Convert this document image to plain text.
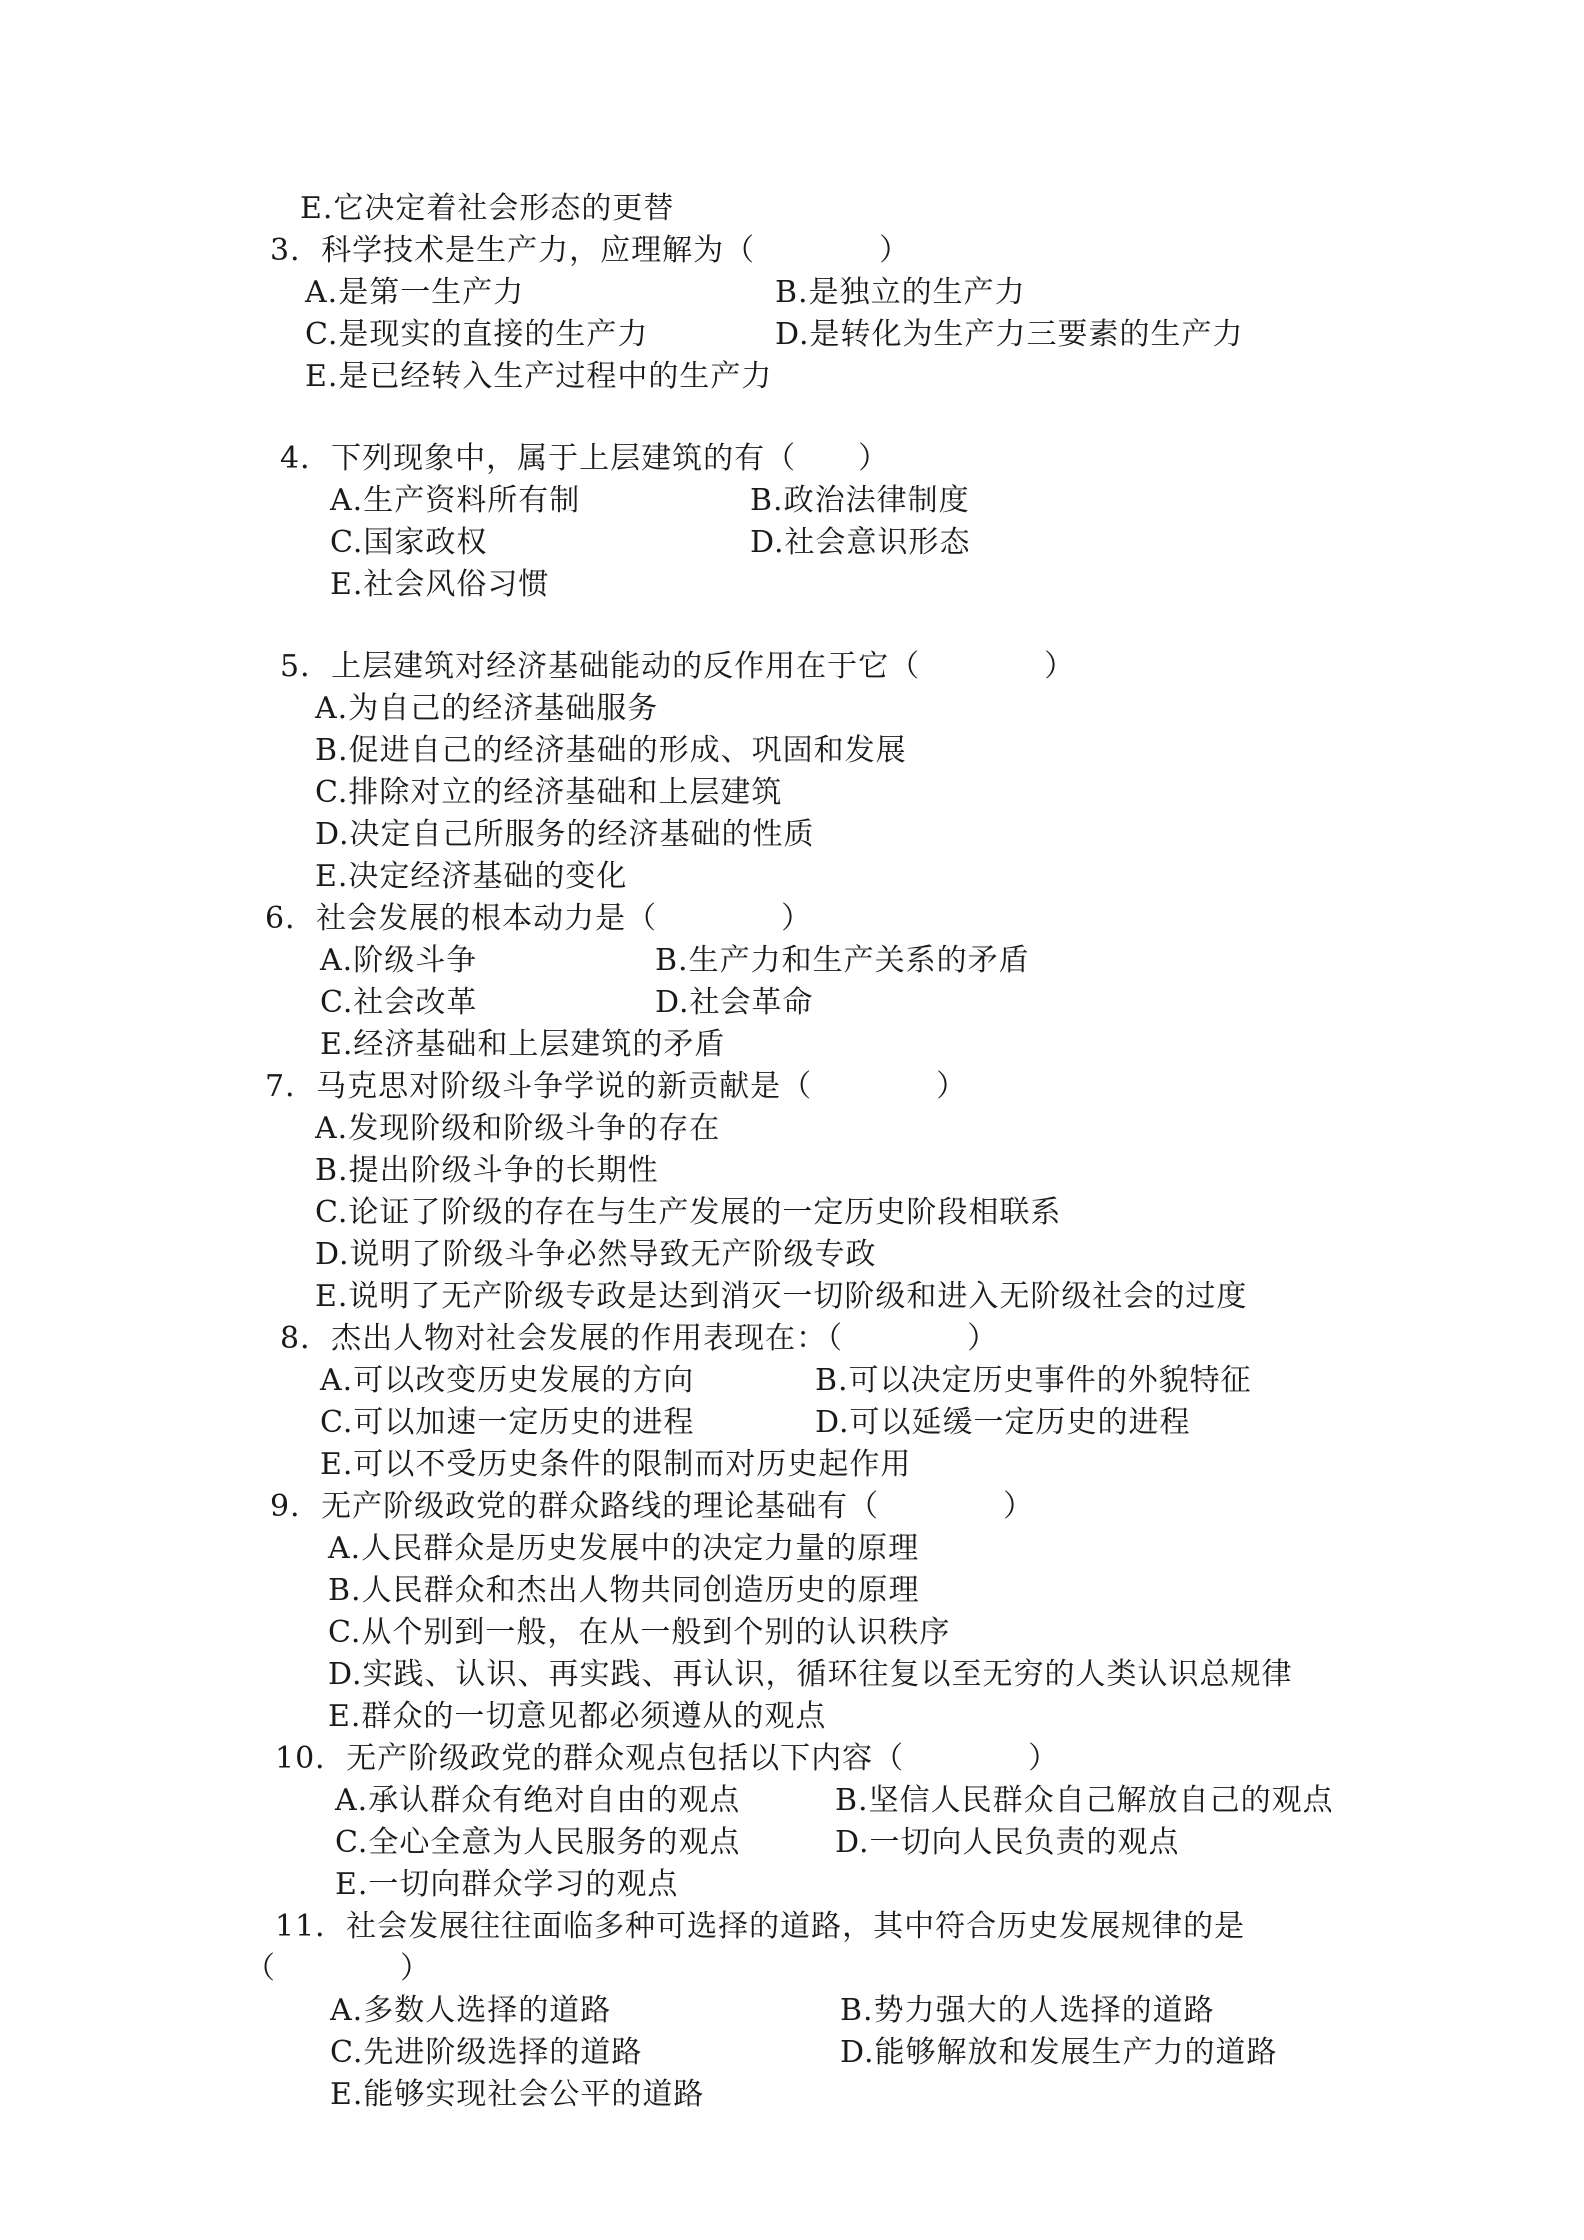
E.它决定着社会形态的更替
3．科学技术是生产力，应理解为（　　　　）
A.是第一生产力	B.是独立的生产力
C.是现实的直接的生产力	D.是转化为生产力三要素的生产力
E.是已经转入生产过程中的生产力
4．下列现象中，属于上层建筑的有（　　）
A.生产资料所有制	B.政治法律制度
C.国家政权	D.社会意识形态
E.社会风俗习惯
5．上层建筑对经济基础能动的反作用在于它（　　　　）
A.为自己的经济基础服务
B.促进自己的经济基础的形成、巩固和发展
C.排除对立的经济基础和上层建筑
D.决定自己所服务的经济基础的性质
E.决定经济基础的变化
6．社会发展的根本动力是（　　　　）
A.阶级斗争	B.生产力和生产关系的矛盾
C.社会改革	D.社会革命
E.经济基础和上层建筑的矛盾
7．马克思对阶级斗争学说的新贡献是（　　　　）
A.发现阶级和阶级斗争的存在
B.提出阶级斗争的长期性
C.论证了阶级的存在与生产发展的一定历史阶段相联系
D.说明了阶级斗争必然导致无产阶级专政
E.说明了无产阶级专政是达到消灭一切阶级和进入无阶级社会的过度
8．杰出人物对社会发展的作用表现在：（　　　　）
A.可以改变历史发展的方向	B.可以决定历史事件的外貌特征
C.可以加速一定历史的进程	D.可以延缓一定历史的进程
E.可以不受历史条件的限制而对历史起作用
9．无产阶级政党的群众路线的理论基础有（　　　　）
A.人民群众是历史发展中的决定力量的原理
B.人民群众和杰出人物共同创造历史的原理
C.从个别到一般，在从一般到个别的认识秩序
D.实践、认识、再实践、再认识，循环往复以至无穷的人类认识总规律
E.群众的一切意见都必须遵从的观点
10．无产阶级政党的群众观点包括以下内容（　　　　）
A.承认群众有绝对自由的观点	B.坚信人民群众自己解放自己的观点
C.全心全意为人民服务的观点	D.一切向人民负责的观点
E.一切向群众学习的观点
11．社会发展往往面临多种可选择的道路，其中符合历史发展规律的是
（　　　　）
A.多数人选择的道路	B.势力强大的人选择的道路
C.先进阶级选择的道路	D.能够解放和发展生产力的道路
E.能够实现社会公平的道路
